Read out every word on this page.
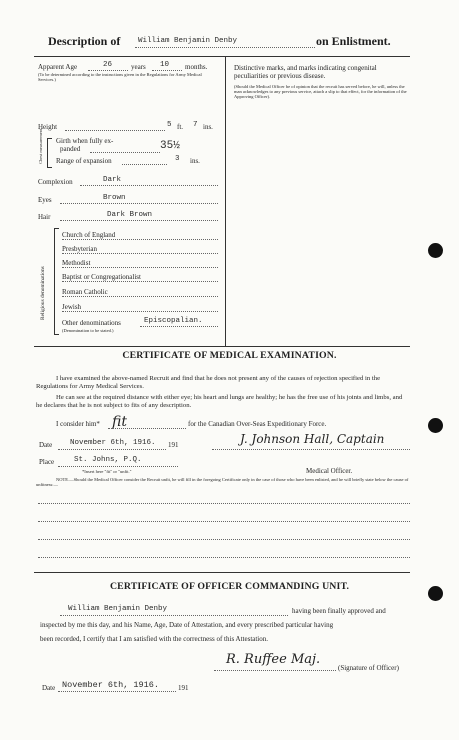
Description of William Benjamin Denby	on Enlistment.
Apparent Age	26	years 10 months.
(To be determined according to the instructions given in the Regulations for Army Medical Services.)
Height	5 ft. 7 ins.
Chest measurement Girth when fully ex-
panded	35½
Range of expansion	3 ins.
Complexion	Dark
Eyes	Brown
Hair	Dark Brown
Religious denominations
Church of England
Presbyterian
Methodist
Baptist or Congregationalist
Roman Catholic
Jewish
Other denominations	Episcopalian.
(Denomination to be stated.)
Distinctive marks, and marks indicating congenital peculiarities or previous disease.
(Should the Medical Officer be of opinion that the recruit has served before, he will, unless the man acknowledges to any previous service, attach a slip to that effect, for the information of the Approving Officer).
CERTIFICATE OF MEDICAL EXAMINATION.
I have examined the above-named Recruit and find that he does not present any of the causes of rejection specified in the Regulations for Army Medical Services.
He can see at the required distance with either eye; his heart and lungs are healthy; he has the free use of his joints and limbs, and he declares that he is not subject to fits of any description.
I consider him* fit	for the Canadian Over-Seas Expeditionary Force.
Date November 6th, 1916. 191	J. Johnson Hall, Captain
Place	St. Johns, P.Q.
Medical Officer.
*Insert here "fit" or "unfit."
NOTE.—Should the Medical Officer consider the Recruit unfit, he will fill in the foregoing Certificate only in the case of those who have been enlisted, and he will briefly state below the cause of unfitness:—
CERTIFICATE OF OFFICER COMMANDING UNIT.
William Benjamin Denby	having been finally approved and
inspected by me this day, and his Name, Age, Date of Attestation, and every prescribed particular having
been recorded, I certify that I am satisfied with the correctness of this Attestation.
R. Ruffee Maj.
(Signature of Officer)
Date November 6th, 1916.	191
